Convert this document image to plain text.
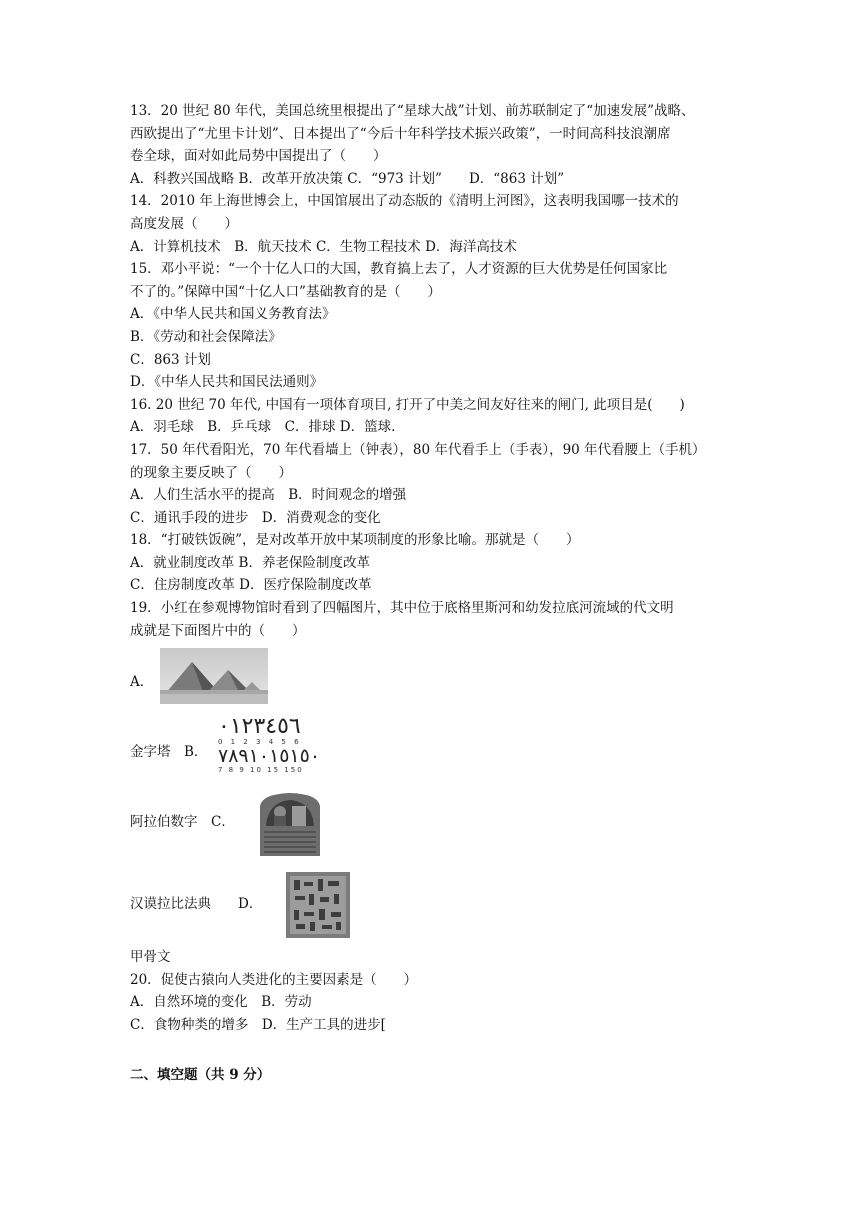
13．20 世纪 80 年代，美国总统里根提出了“星球大战”计划、前苏联制定了“加速发展”战略、
西欧提出了“尤里卡计划”、日本提出了“今后十年科学技术振兴政策”，一时间高科技浪潮席
卷全球，面对如此局势中国提出了（　　）
A．科教兴国战略 B．改革开放决策 C．“973 计划”　　D．“863 计划”
14．2010 年上海世博会上，中国馆展出了动态版的《清明上河图》，这表明我国哪一技术的
高度发展（　　）
A．计算机技术　B．航天技术 C．生物工程技术 D．海洋高技术
15．邓小平说：“一个十亿人口的大国，教育搞上去了，人才资源的巨大优势是任何国家比
不了的。”保障中国“十亿人口”基础教育的是（　　）
A．《中华人民共和国义务教育法》
B．《劳动和社会保障法》
C．863 计划
D．《中华人民共和国民法通则》
16. 20 世纪 70 年代, 中国有一项体育项目, 打开了中美之间友好往来的闸门, 此项目是(　　)
A．羽毛球　B．乒乓球　C．排球 D．篮球.
17．50 年代看阳光，70 年代看墙上（钟表），80 年代看手上（手表），90 年代看腰上（手机）
的现象主要反映了（　　）
A．人们生活水平的提高　B．时间观念的增强
C．通讯手段的进步　D．消费观念的变化
18．“打破铁饭碗”，是对改革开放中某项制度的形象比喻。那就是（　　）
A．就业制度改革 B．养老保险制度改革
C．住房制度改革 D．医疗保险制度改革
19．小红在参观博物馆时看到了四幅图片，其中位于底格里斯河和幼发拉底河流域的代文明
成就是下面图片中的（　　）
A．
金字塔　B．
٠١٢٣٤٥٦
0 1 2 3 4 5 6
٧٨٩١٠١٥١٥٠
7 8 9 10 15 150
阿拉伯数字　C．
汉谟拉比法典　　D．
甲骨文
20．促使古猿向人类进化的主要因素是（　　）
A．自然环境的变化　B．劳动
C．食物种类的增多　D．生产工具的进步[
二、填空题（共 9 分）
